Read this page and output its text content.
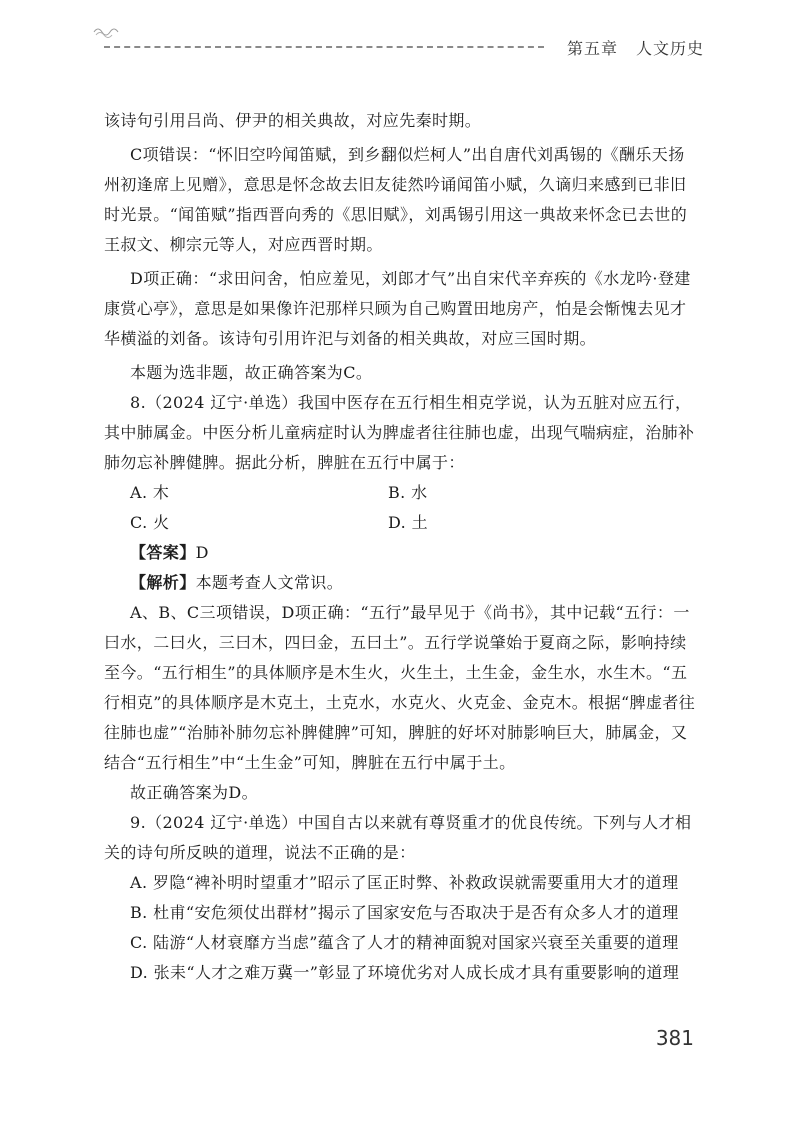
第五章 人文历史

该诗句引用吕尚、伊尹的相关典故，对应先秦时期。

C项错误：“怀旧空吟闻笛赋，到乡翻似烂柯人”出自唐代刘禹锡的《酬乐天扬州初逢席上见赠》，意思是怀念故去旧友徒然吟诵闻笛小赋，久谪归来感到已非旧时光景。“闻笛赋”指西晋向秀的《思旧赋》，刘禹锡引用这一典故来怀念已去世的王叔文、柳宗元等人，对应西晋时期。

D项正确：“求田问舍，怕应羞见，刘郎才气”出自宋代辛弃疾的《水龙吟·登建康赏心亭》，意思是如果像许汜那样只顾为自己购置田地房产，怕是会惭愧去见才华横溢的刘备。该诗句引用许汜与刘备的相关典故，对应三国时期。

本题为选非题，故正确答案为C。

8.（2024 辽宁·单选）我国中医存在五行相生相克学说，认为五脏对应五行，其中肺属金。中医分析儿童病症时认为脾虚者往往肺也虚，出现气喘病症，治肺补肺勿忘补脾健脾。据此分析，脾脏在五行中属于：

A. 木	B. 水
C. 火	D. 土
【答案】D
【解析】本题考查人文常识。

A、B、C三项错误，D项正确：“五行”最早见于《尚书》，其中记载“五行：一曰水，二曰火，三曰木，四曰金，五曰土”。五行学说肇始于夏商之际，影响持续至今。“五行相生”的具体顺序是木生火，火生土，土生金，金生水，水生木。“五行相克”的具体顺序是木克土，土克水，水克火、火克金、金克木。根据“脾虚者往往肺也虚”“治肺补肺勿忘补脾健脾”可知，脾脏的好坏对肺影响巨大，肺属金，又结合“五行相生”中“土生金”可知，脾脏在五行中属于土。

故正确答案为D。

9.（2024 辽宁·单选）中国自古以来就有尊贤重才的优良传统。下列与人才相关的诗句所反映的道理，说法不正确的是：

A. 罗隐“裨补明时望重才”昭示了匡正时弊、补救政误就需要重用大才的道理
B. 杜甫“安危须仗出群材”揭示了国家安危与否取决于是否有众多人才的道理
C. 陆游“人材衰靡方当虑”蕴含了人才的精神面貌对国家兴衰至关重要的道理
D. 张耒“人才之难万冀一”彰显了环境优劣对人成长成才具有重要影响的道理
381
